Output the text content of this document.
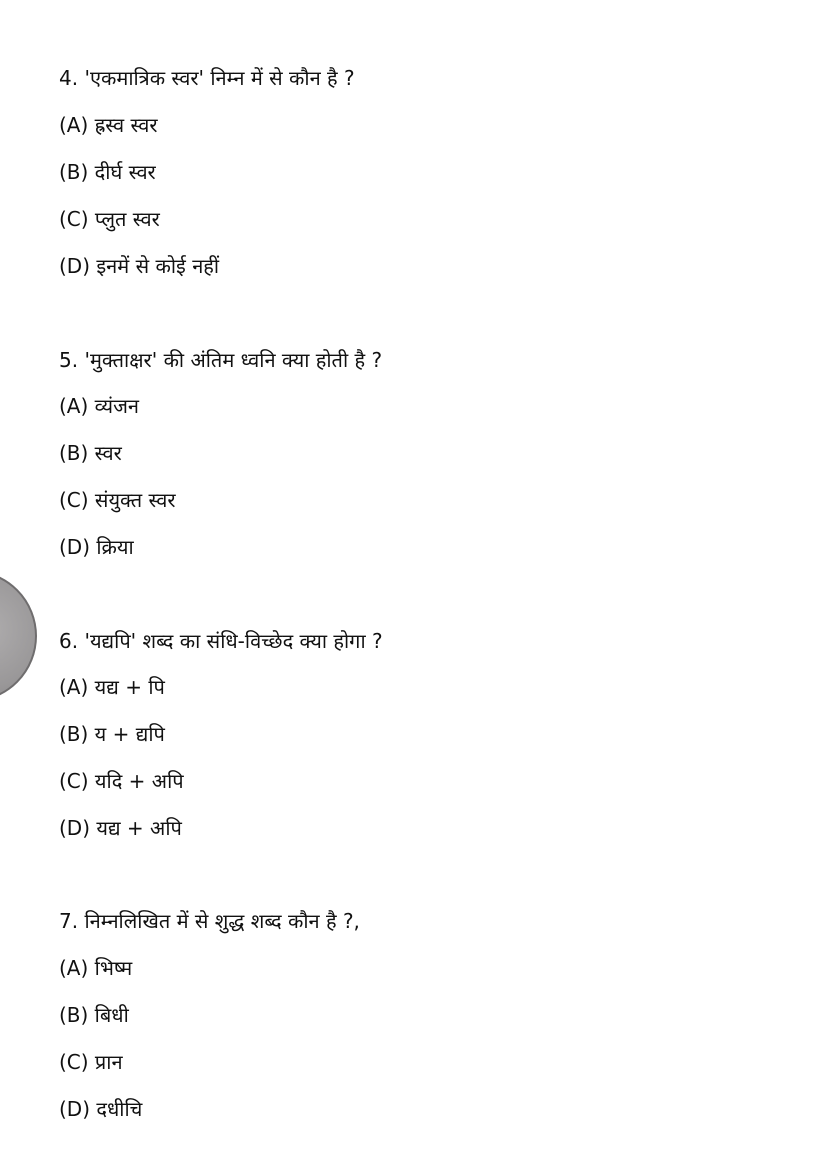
4. 'एकमात्रिक स्वर' निम्न में से कौन है ?
(A) ह्रस्व स्वर
(B) दीर्घ स्वर
(C) प्लुत स्वर
(D) इनमें से कोई नहीं
5. 'मुक्ताक्षर' की अंतिम ध्वनि क्या होती है ?
(A) व्यंजन
(B) स्वर
(C) संयुक्त स्वर
(D) क्रिया
6. 'यद्यपि' शब्द का संधि-विच्छेद क्या होगा ?
(A) यद्य + पि
(B) य + द्यपि
(C) यदि + अपि
(D) यद्य + अपि
7. निम्नलिखित में से शुद्ध शब्द कौन है ?,
(A) भिष्म
(B) बिधी
(C) प्रान
(D) दधीचि
